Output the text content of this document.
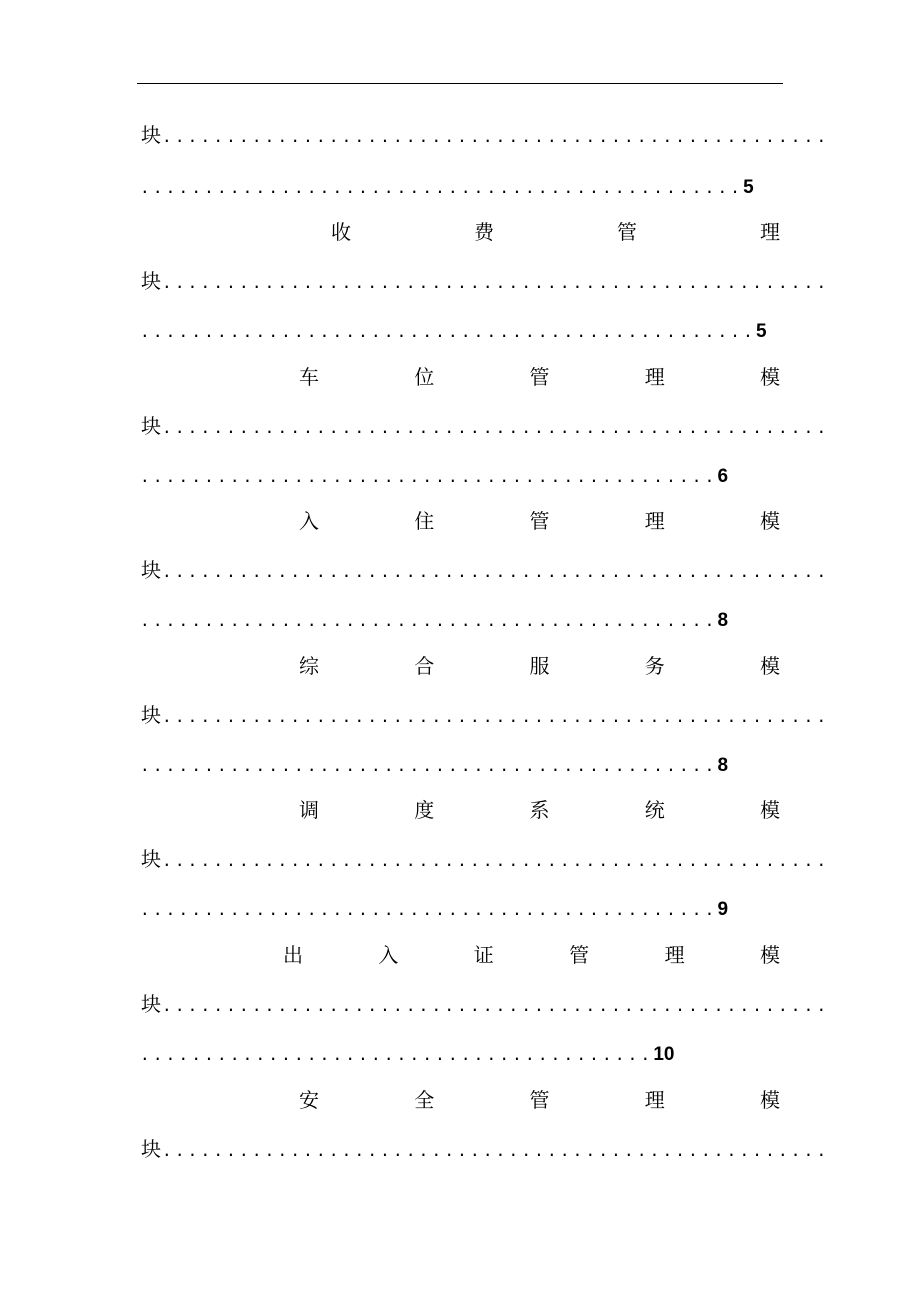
块....................................................
...............................................5
收	费	管	理
块....................................................
................................................5
车	位	管	理	模
块....................................................
.............................................6
入	住	管	理	模
块....................................................
.............................................8
综	合	服	务	模
块....................................................
.............................................8
调	度	系	统	模
块....................................................
.............................................9
出	入	证	管	理	模
块....................................................
........................................10
安	全	管	理	模
块....................................................
